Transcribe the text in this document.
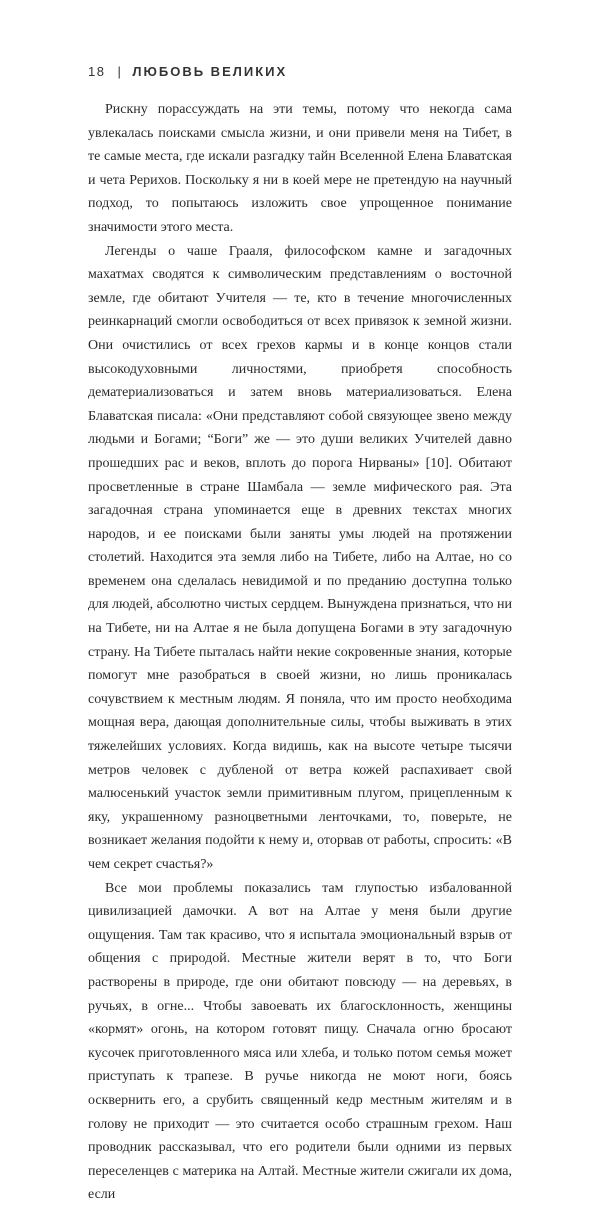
18 | ЛЮБОВЬ ВЕЛИКИХ

Рискну порассуждать на эти темы, потому что некогда сама увлекалась поисками смысла жизни, и они привели меня на Тибет, в те самые места, где искали разгадку тайн Вселенной Елена Блаватская и чета Рерихов. Поскольку я ни в коей мере не претендую на научный подход, то попытаюсь изложить свое упрощенное понимание значимости этого места.

Легенды о чаше Грааля, философском камне и загадочных махатмах сводятся к символическим представлениям о восточной земле, где обитают Учителя — те, кто в течение многочисленных реинкарнаций смогли освободиться от всех привязок к земной жизни. Они очистились от всех грехов кармы и в конце концов стали высокодуховными личностями, приобретя способность дематериализоваться и затем вновь материализоваться. Елена Блаватская писала: «Они представляют собой связующее звено между людьми и Богами; “Боги” же — это души великих Учителей давно прошедших рас и веков, вплоть до порога Нирваны» [10]. Обитают просветленные в стране Шамбала — земле мифического рая. Эта загадочная страна упоминается еще в древних текстах многих народов, и ее поисками были заняты умы людей на протяжении столетий. Находится эта земля либо на Тибете, либо на Алтае, но со временем она сделалась невидимой и по преданию доступна только для людей, абсолютно чистых сердцем. Вынуждена признаться, что ни на Тибете, ни на Алтае я не была допущена Богами в эту загадочную страну. На Тибете пыталась найти некие сокровенные знания, которые помогут мне разобраться в своей жизни, но лишь проникалась сочувствием к местным людям. Я поняла, что им просто необходима мощная вера, дающая дополнительные силы, чтобы выживать в этих тяжелейших условиях. Когда видишь, как на высоте четыре тысячи метров человек с дубленой от ветра кожей распахивает свой малюсенький участок земли примитивным плугом, прицепленным к яку, украшенному разноцветными ленточками, то, поверьте, не возникает желания подойти к нему и, оторвав от работы, спросить: «В чем секрет счастья?»

Все мои проблемы показались там глупостью избалованной цивилизацией дамочки. А вот на Алтае у меня были другие ощущения. Там так красиво, что я испытала эмоциональный взрыв от общения с природой. Местные жители верят в то, что Боги растворены в природе, где они обитают повсюду — на деревьях, в ручьях, в огне... Чтобы завоевать их благосклонность, женщины «кормят» огонь, на котором готовят пищу. Сначала огню бросают кусочек приготовленного мяса или хлеба, и только потом семья может приступать к трапезе. В ручье никогда не моют ноги, боясь осквернить его, а срубить священный кедр местным жителям и в голову не приходит — это считается особо страшным грехом. Наш проводник рассказывал, что его родители были одними из первых переселенцев с материка на Алтай. Местные жители сжигали их дома, если
